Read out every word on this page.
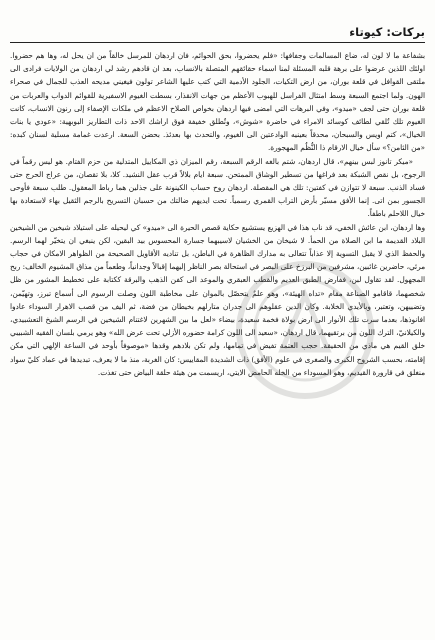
بركات: كيوتاء

بشفاعة ما لا لون له، ضاع المسالمات وجفافها: «فلم يحضروا، بحق الحوائم، فان اردهان للمرسل خالقاً من ان يحل له، وها هم حضروا. اولئك اللذين عرضوا على برهة قلبه المسئلة لمنا اسماء حقائقهم المتصلة بالانساب، بعد ان قادهم رشد لي اردهان من الولايات فرادى الى ملتقى القوافل في قلعة بوران، من ارض التكيات، الجلود الأدمية التي كتب عليها الشاعر تولون فيغيني مديحه العذب للجمال في صحراء الهون. ولما اجتمع السبعة وسط امتثال الفراسل للهبوب الأعظم من جهات الانقذار، بسطت الغيوم الاسفيرية للقوائم الدواب والعربات من قلعة بوران حتى لجف «ميدو»، وفي البرهات التي امضى فيها اردهان بخواص الصلاح الاعظم في ملكات الإصفاء إلى رنون الانساب، كانت الغيوم تلك تُلقي لطائف كوسائد الامراء في حاضرة «شوش»، وتُطلق خفيفة فوق اراشك الاحد ذات التطاريز البوبهية: «عودي يا بنات الخيال»، كتم اويس والسبحان، محدقاً بعينيه الوادعتين الى الغيوم، والتحدث بها بعدئذ. بحضن السعة. ارعدت غمامة مسلية لسنان كبده: «من الثامن؟» سأل خيال الارقام ذا النُّظُم المهجورة.

«ميكر تانوز لبس بينهم»، قال اردهان، شتم بالغه الرقم السبعة، رقم الميزان ذي المكاييل المتدلية من حزم الفتام. هو ليس رقماً في الرجوح، بل نقص الشبكة بعد فراغها من تسطير الوشاق الممتحن. سبعة ايام بلالاً قرب عقل النشيد. كلا، بلا تقصان، من عراج الحرج حتى فساد الذنب. سبعة لا تتوازن في كفتين: تلك هي المقصلة. اردهان روح حساب الكينونة على جذلين هما رباط المعقول. طلب سبعة فأوحى الجسور بمن اتى. إنما الأفق مسيّر بأرض التراب القمري رسمياً. تحت ايديهم ضالتك من حسبان التسريح بالرجم الثقيل بهاء لاستعادة بها خيال اللاحلم باطفاً.

وها اردهان، ابن عائش الخفي، قد ناب هذا في الهزيع يستشيع حكاية قصص الحيرة الى «ميدو» كي ليحيله على استيلاد شيخين من الشيخين البلاد القديمة ما ابن الصلاة من الحمأ. لا شيخان من الخشيان لاسيبهما جسارة المحسوس بيد البقين، لكن ينبغي ان يتخيّر لهما الرسم. والحفظ الذي لا يقبل التسوية إلا عذاباً تتعالى به مدارك الظاهرة في الباطن، بل تناديه الأقاويل الصحيحة من الظواهر الامكان في حجاب مرئي، حاضرين غائبين، مشرفين من البرزخ على البصر في استحالة بصر الناظر إليهما إقبالاً وجدانياً، وطعماً من مذاق المشيوم الخالف: ربح المجهول. لقد تقاول لبن، ففارض الطبق العديم والقطب العبقري والموعد الى كفن الذهب والبرقة ككتابة على تخطيط المشور من ظل شخصهما، قاقامو الصناعة مقام «تداه الهيئة»، وهو علمٌ يتحصّل بالموان على مخاطبة اللون وصلت الرسوم الى أسماع تبرز، وتهيّمن، وتضييهن، وتعتبر، وبالأيدي الخلابة. وكان الدين عقلوهم الى جدران متارلهم بخيطان من فضة، ثم اليف من قصب الاهرار السوداء عادوا افانوذها، بعدما سرت تلك الأنوار الى ارض بولاة فخمة سعيدة، بيضاء «لعل ما بين الشهرين لاغتنام الشيخين في الرسم الشيخ التعشبيدي، والكيلانيّ، الترك اللون من برتقيهما، قال اردهان، «سعيد الى اللون كرامة حضوره الأزلي تحت عرض الله» وهو يرمي بلسان الفقيه الشبيبي خلق القيم هي ماذي من الحقيقة. حجب العتمة تفيض في تمامها، ولم تكن بلادهم وقدها «موصوفاً بأوحد في الساعة الإلهي التي مكن إقامته، بحسب الشروح الكبرى والصغرى في علوم (الأفق) ذات الشديدة المقاييس: كان الغربة، منذ ما لا يعرف، تبديدها في عماد كليّ سواد منغلق في قارورة القيديم، وهو المسوداء من الخله الحامض الايتي، اريسمت من هيئة حلقة البياض حتى تغذت.
